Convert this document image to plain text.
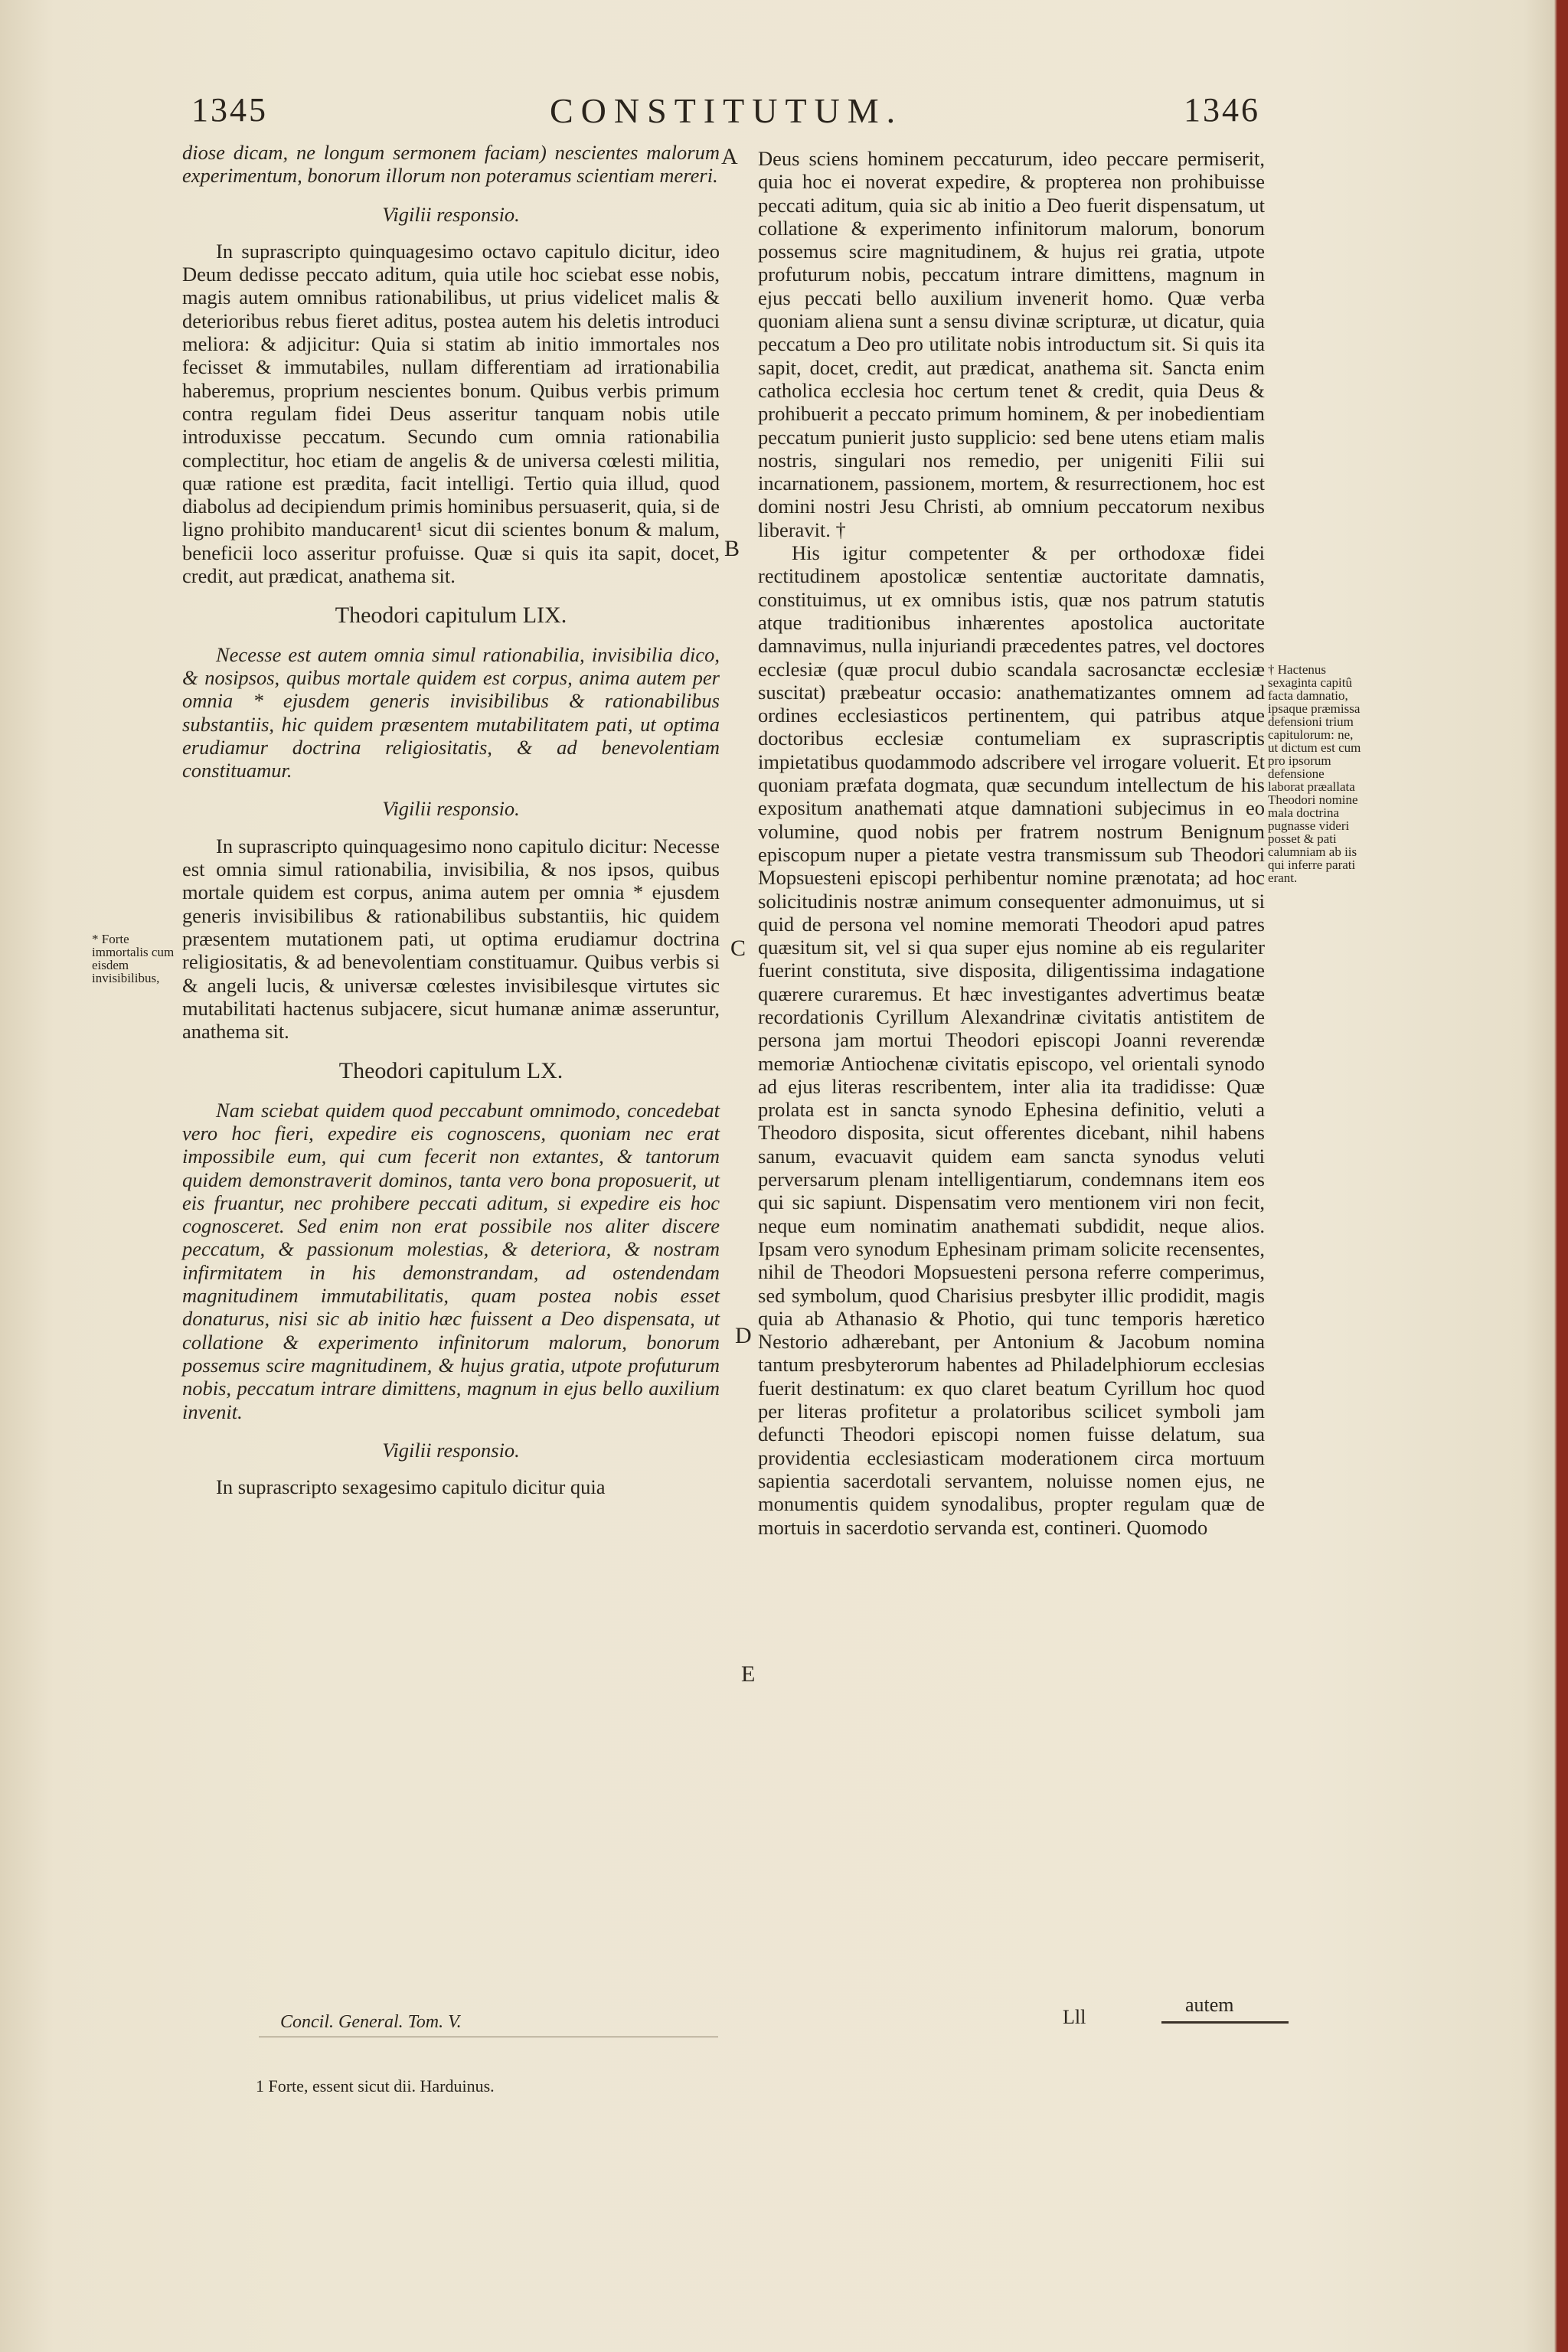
1345	CONSTITUTUM.	1346

diose dicam, ne longum sermonem faciam) nescientes malorum experimentum, bonorum illorum non poteramus scientiam mereri.

Vigilii responsio.

In suprascripto quinquagesimo octavo capitulo dicitur, ideo Deum dedisse peccato aditum, quia utile hoc sciebat esse nobis, magis autem omnibus rationabilibus, ut prius videlicet malis & deterioribus rebus fieret aditus, postea autem his deletis introduci meliora: & adjicitur: Quia si statim ab initio immortales nos fecisset & immutabiles, nullam differentiam ad irrationabilia haberemus, proprium nescientes bonum. Quibus verbis primum contra regulam fidei Deus asseritur tanquam nobis utile introduxisse peccatum. Secundo cum omnia rationabilia complectitur, hoc etiam de angelis & de universa cœlesti militia, quæ ratione est prædita, facit intelligi. Tertio quia illud, quod diabolus ad decipiendum primis hominibus persuaserit, quia, si de ligno prohibito manducarent¹ sicut dii scientes bonum & malum, beneficii loco asseritur profuisse. Quæ si quis ita sapit, docet, credit, aut prædicat, anathema sit.

Theodori capitulum LIX.

Necesse est autem omnia simul rationabilia, invisibilia dico, & nosipsos, quibus mortale quidem est corpus, anima autem per omnia * ejusdem generis invisibilibus & rationabilibus substantiis, hic quidem præsentem mutabilitatem pati, ut optima erudiamur doctrina religiositatis, & ad benevolentiam constituamur.

Vigilii responsio.

In suprascripto quinquagesimo nono capitulo dicitur: Necesse est omnia simul rationabilia, invisibilia, & nos ipsos, quibus mortale quidem est corpus, anima autem per omnia * ejusdem generis invisibilibus & rationabilibus substantiis, hic quidem præsentem mutationem pati, ut optima erudiamur doctrina religiositatis, & ad benevolentiam constituamur. Quibus verbis si & angeli lucis, & universæ cœlestes invisibilesque virtutes sic mutabilitati hactenus subjacere, sicut humanæ animæ asseruntur, anathema sit.

Theodori capitulum LX.

Nam sciebat quidem quod peccabunt omnimodo, concedebat vero hoc fieri, expedire eis cognoscens, quoniam nec erat impossibile eum, qui cum fecerit non extantes, & tantorum quidem demonstraverit dominos, tanta vero bona proposuerit, ut eis fruantur, nec prohibere peccati aditum, si expedire eis hoc cognosceret. Sed enim non erat possibile nos aliter discere peccatum, & passionum molestias, & deteriora, & nostram infirmitatem in his demonstrandam, ad ostendendam magnitudinem immutabilitatis, quam postea nobis esset donaturus, nisi sic ab initio hæc fuissent a Deo dispensata, ut collatione & experimento infinitorum malorum, bonorum possemus scire magnitudinem, & hujus gratia, utpote profuturum nobis, peccatum intrare dimittens, magnum in ejus bello auxilium invenit.

Vigilii responsio.

In suprascripto sexagesimo capitulo dicitur quia

Deus sciens hominem peccaturum, ideo peccare permiserit, quia hoc ei noverat expedire, & propterea non prohibuisse peccati aditum, quia sic ab initio a Deo fuerit dispensatum, ut collatione & experimento infinitorum malorum, bonorum possemus scire magnitudinem, & hujus rei gratia, utpote profuturum nobis, peccatum intrare dimittens, magnum in ejus peccati bello auxilium invenerit homo. Quæ verba quoniam aliena sunt a sensu divinæ scripturæ, ut dicatur, quia peccatum a Deo pro utilitate nobis introductum sit. Si quis ita sapit, docet, credit, aut prædicat, anathema sit. Sancta enim catholica ecclesia hoc certum tenet & credit, quia Deus & prohibuerit a peccato primum hominem, & per inobedientiam peccatum punierit justo supplicio: sed bene utens etiam malis nostris, singulari nos remedio, per unigeniti Filii sui incarnationem, passionem, mortem, & resurrectionem, hoc est domini nostri Jesu Christi, ab omnium peccatorum nexibus liberavit. †

His igitur competenter & per orthodoxæ fidei rectitudinem apostolicæ sententiæ auctoritate damnatis, constituimus, ut ex omnibus istis, quæ nos patrum statutis atque traditionibus inhærentes apostolica auctoritate damnavimus, nulla injuriandi præcedentes patres, vel doctores ecclesiæ (quæ procul dubio scandala sacrosanctæ ecclesiæ suscitat) præbeatur occasio: anathematizantes omnem ad ordines ecclesiasticos pertinentem, qui patribus atque doctoribus ecclesiæ contumeliam ex suprascriptis impietatibus quodammodo adscribere vel irrogare voluerit. Et quoniam præfata dogmata, quæ secundum intellectum de his expositum anathemati atque damnationi subjecimus in eo volumine, quod nobis per fratrem nostrum Benignum episcopum nuper a pietate vestra transmissum sub Theodori Mopsuesteni episcopi perhibentur nomine prænotata; ad hoc solicitudinis nostræ animum consequenter admonuimus, ut si quid de persona vel nomine memorati Theodori apud patres quæsitum sit, vel si qua super ejus nomine ab eis regulariter fuerint constituta, sive disposita, diligentissima indagatione quærere curaremus. Et hæc investigantes advertimus beatæ recordationis Cyrillum Alexandrinæ civitatis antistitem de persona jam mortui Theodori episcopi Joanni reverendæ memoriæ Antiochenæ civitatis episcopo, vel orientali synodo ad ejus literas rescribentem, inter alia ita tradidisse: Quæ prolata est in sancta synodo Ephesina definitio, veluti a Theodoro disposita, sicut offerentes dicebant, nihil habens sanum, evacuavit quidem eam sancta synodus veluti perversarum plenam intelligentiarum, condemnans item eos qui sic sapiunt. Dispensatim vero mentionem viri non fecit, neque eum nominatim anathemati subdidit, neque alios. Ipsam vero synodum Ephesinam primam solicite recensentes, nihil de Theodori Mopsuesteni persona referre comperimus, sed symbolum, quod Charisius presbyter illic prodidit, magis quia ab Athanasio & Photio, qui tunc temporis hæretico Nestorio adhærebant, per Antonium & Jacobum nomina tantum presbyterorum habentes ad Philadelphiorum ecclesias fuerit destinatum: ex quo claret beatum Cyrillum hoc quod per literas profitetur a prolatoribus scilicet symboli jam defuncti Theodori episcopi nomen fuisse delatum, sua providentia ecclesiasticam moderationem circa mortuum sapientia sacerdotali servantem, noluisse nomen ejus, ne monumentis quidem synodalibus, propter regulam quæ de mortuis in sacerdotio servanda est, contineri. Quomodo

A
B
C
D
E
* Forte immortalis cum eisdem invisibilibus,
† Hactenus sexaginta capitû facta damnatio, ipsaque præmissa defensioni trium capitulorum: ne, ut dictum est cum pro ipsorum defensione laborat præallata Theodori nomine mala doctrina pugnasse videri posset & pati calumniam ab iis qui inferre parati erant.
Concil. General. Tom. V.	Lll
autem
1 Forte, essent sicut dii. Harduinus.
